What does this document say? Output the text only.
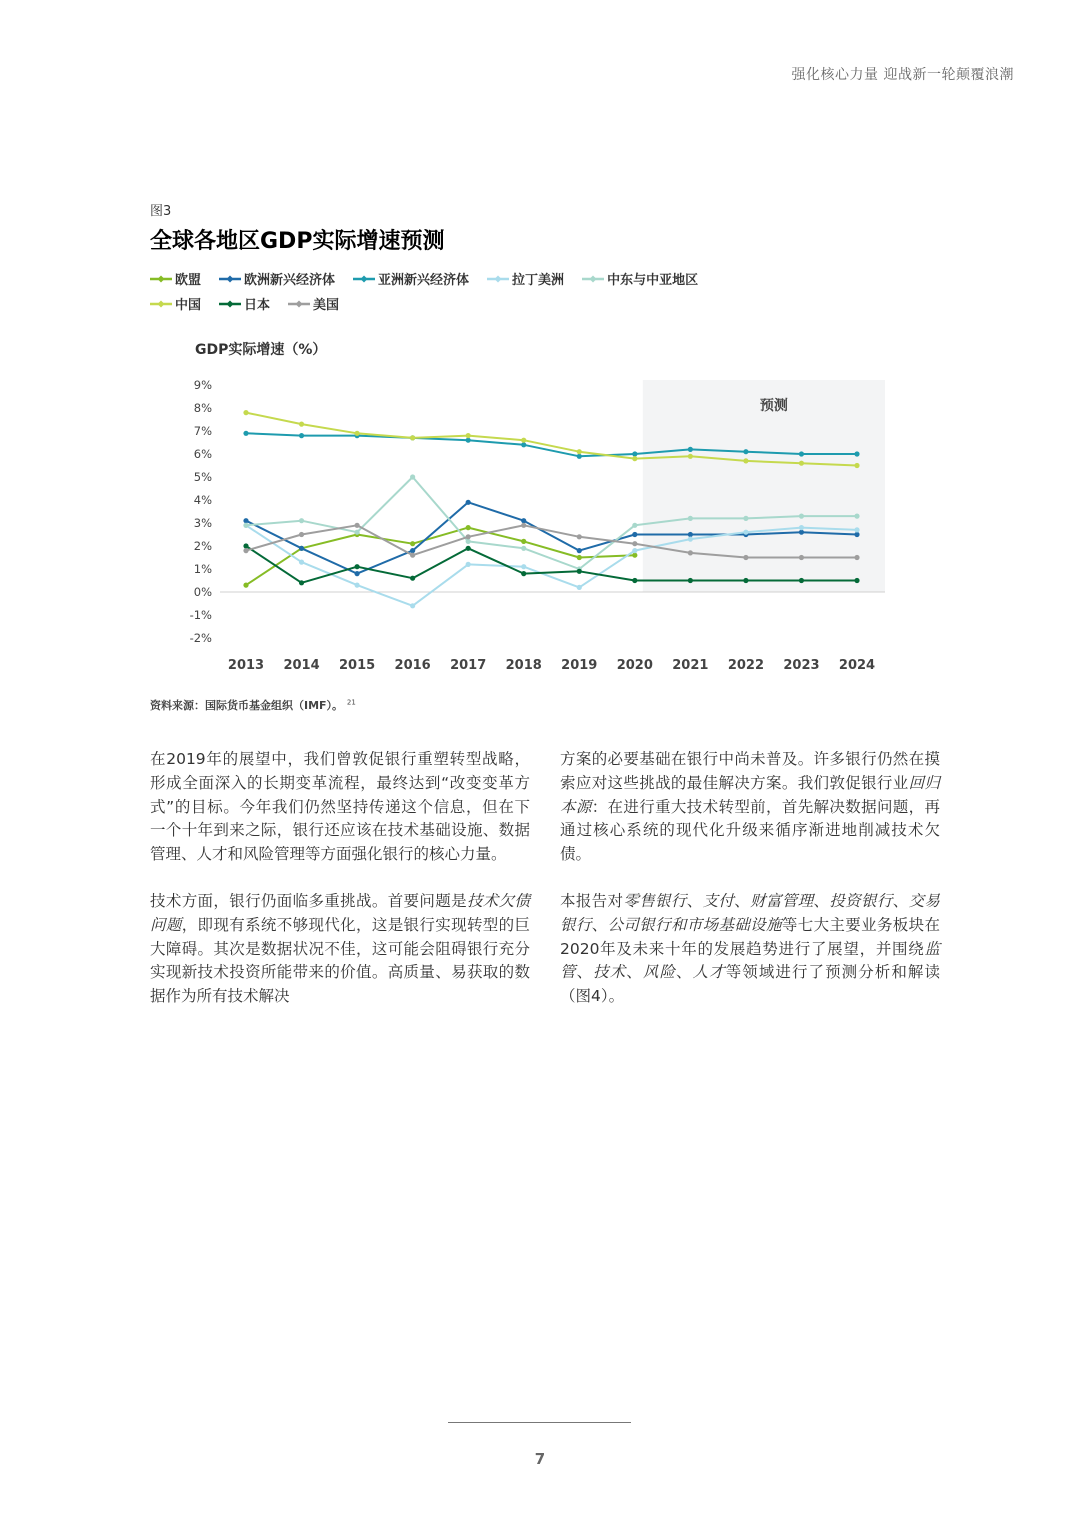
强化核心力量 迎战新一轮颠覆浪潮
图3
全球各地区GDP实际增速预测
欧盟	欧洲新兴经济体	亚洲新兴经济体	拉丁美洲	中东与中亚地区
中国	日本	美国
预测
GDP实际增速（%）
9%
8%
7%
6%
5%
4%
3%
2%
1%
0%
-1%
-2%
2013 2014 2015 2016 2017 2018 2019 2020 2021 2022 2023 2024
资料来源：国际货币基金组织（IMF）。 $^{21}$

在2019年的展望中，我们曾敦促银行重塑转型战略，形成全面深入的长期变革流程，最终达到“改变变革方式”的目标。今年我们仍然坚持传递这个信息，但在下一个十年到来之际，银行还应该在技术基础设施、数据管理、人才和风险管理等方面强化银行的核心力量。

技术方面，银行仍面临多重挑战。首要问题是技术欠债问题，即现有系统不够现代化，这是银行实现转型的巨大障碍。其次是数据状况不佳，这可能会阻碍银行充分实现新技术投资所能带来的价值。高质量、易获取的数据作为所有技术解决

方案的必要基础在银行中尚未普及。许多银行仍然在摸索应对这些挑战的最佳解决方案。我们敦促银行业回归本源：在进行重大技术转型前，首先解决数据问题，再通过核心系统的现代化升级来循序渐进地削减技术欠债。

本报告对零售银行、支付、财富管理、投资银行、交易银行、公司银行和市场基础设施等七大主要业务板块在2020年及未来十年的发展趋势进行了展望，并围绕监管、技术、风险、人才等领域进行了预测分析和解读（图4）。

7
